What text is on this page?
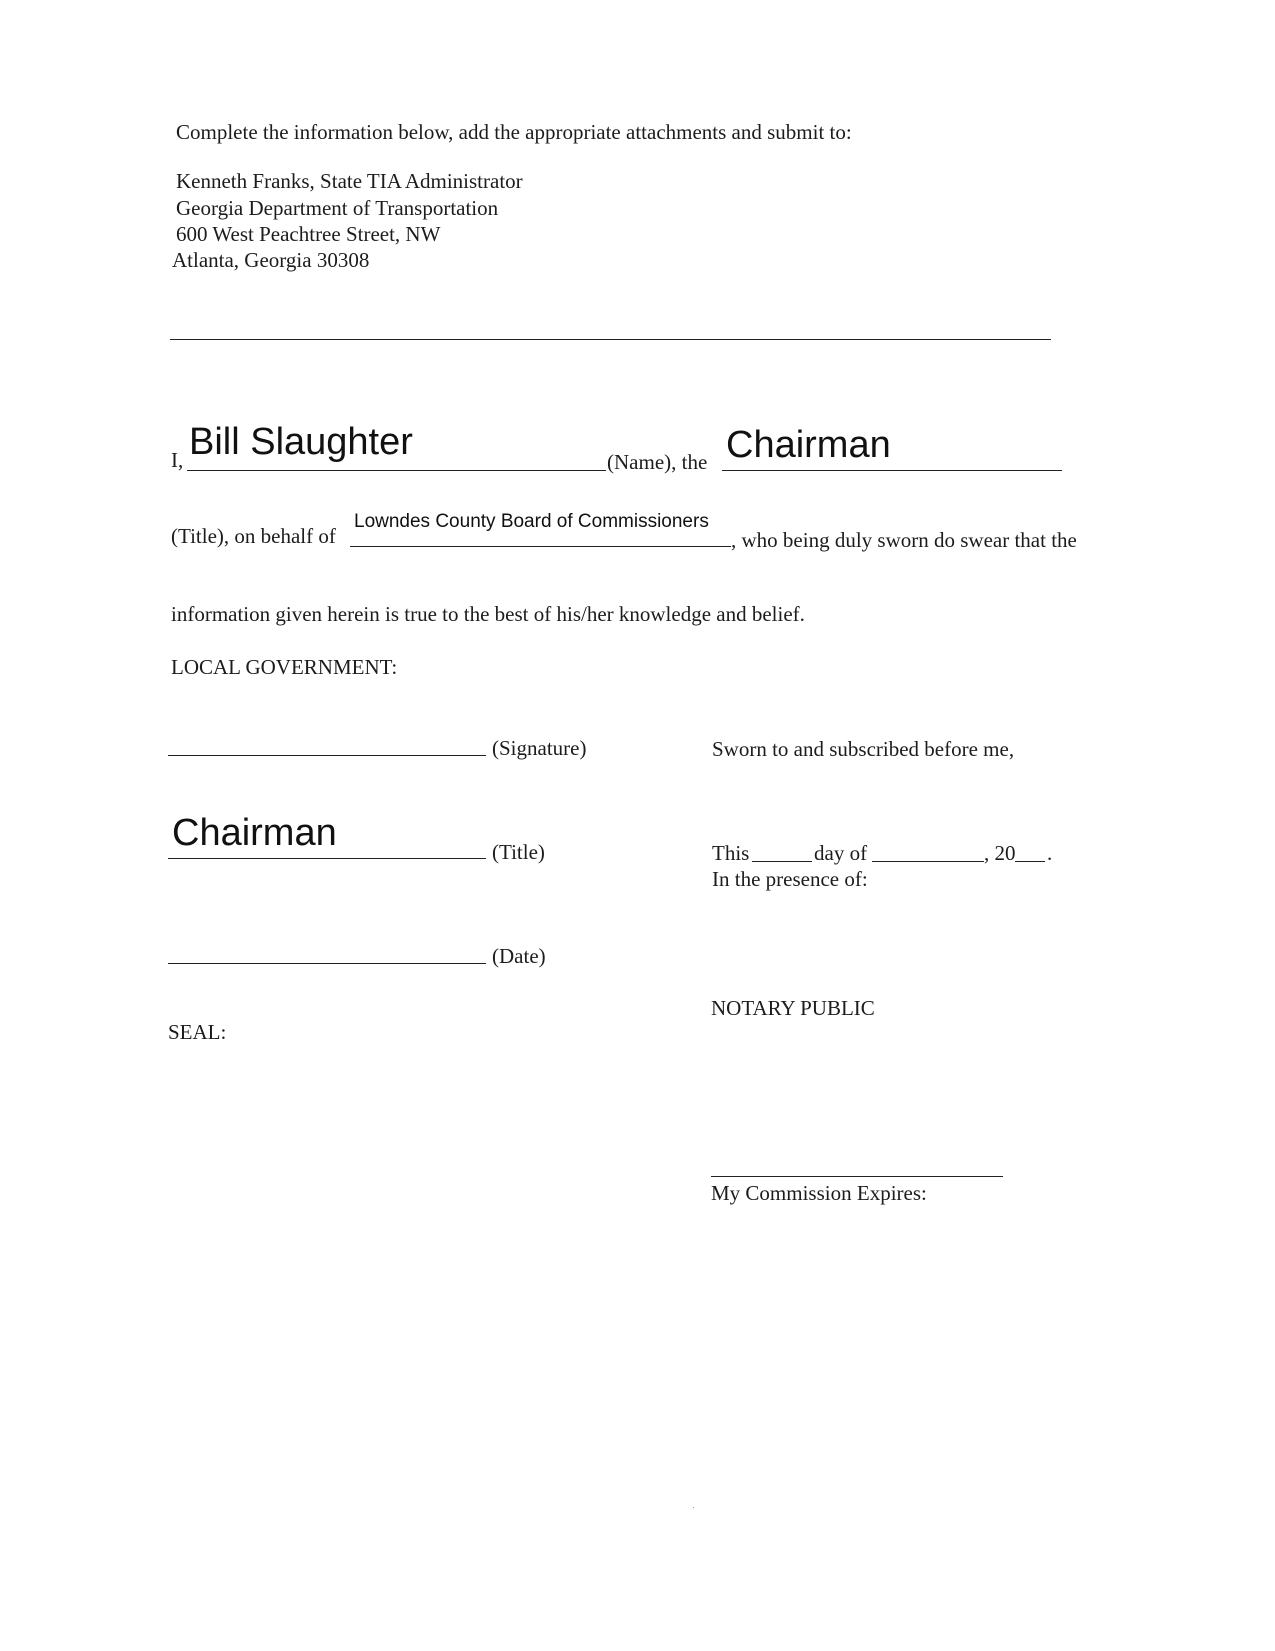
Complete the information below, add the appropriate attachments and submit to:
Kenneth Franks, State TIA Administrator
Georgia Department of Transportation
600 West Peachtree Street, NW
Atlanta, Georgia 30308
I, Bill Slaughter	(Name), the Chairman
(Title), on behalf of
Lowndes County Board of Commissioners
, who being duly sworn do swear that the
information given herein is true to the best of his/her knowledge and belief.
LOCAL GOVERNMENT:
(Signature)
Chairman	(Title)
(Date)
SEAL:
Sworn to and subscribed before me,
This	day of	, 20 .
In the presence of:
NOTARY PUBLIC
My Commission Expires:
